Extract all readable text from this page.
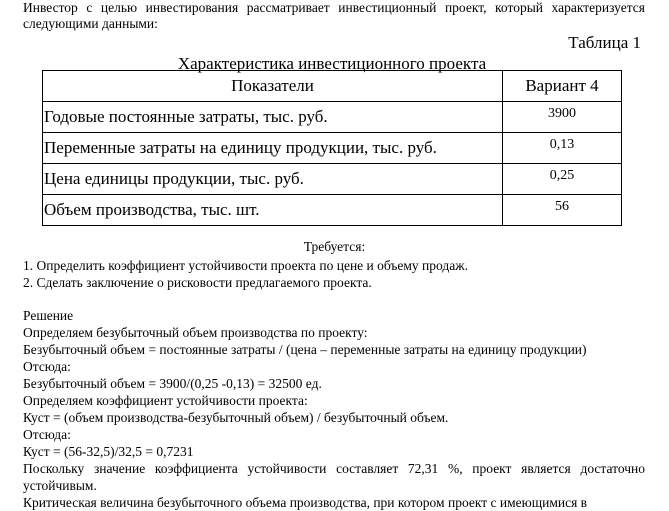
Инвестор с целью инвестирования рассматривает инвестиционный проект, который характеризуется следующими данными:
Таблица 1
Характеристика инвестиционного проекта
Показатели	Вариант 4
Годовые постоянные затраты, тыс. руб.	3900
Переменные затраты на единицу продукции, тыс. руб.	0,13
Цена единицы продукции, тыс. руб.	0,25
Объем производства, тыс. шт.	56
Требуется:
1. Определить коэффициент устойчивости проекта по цене и объему продаж.
2. Сделать заключение о рисковости предлагаемого проекта.
Решение
Определяем безубыточный объем производства по проекту:
Безубыточный объем = постоянные затраты / (цена – переменные затраты на единицу продукции)
Отсюда:
Безубыточный объем = 3900/(0,25 -0,13) = 32500 ед.
Определяем коэффициент устойчивости проекта:
Куст = (объем производства-безубыточный объем) / безубыточный объем.
Отсюда:
Куст = (56-32,5)/32,5 = 0,7231
Поскольку значение коэффициента устойчивости составляет 72,31 %, проект является достаточно устойчивым.
Критическая величина безубыточного объема производства, при котором проект с имеющимися в
